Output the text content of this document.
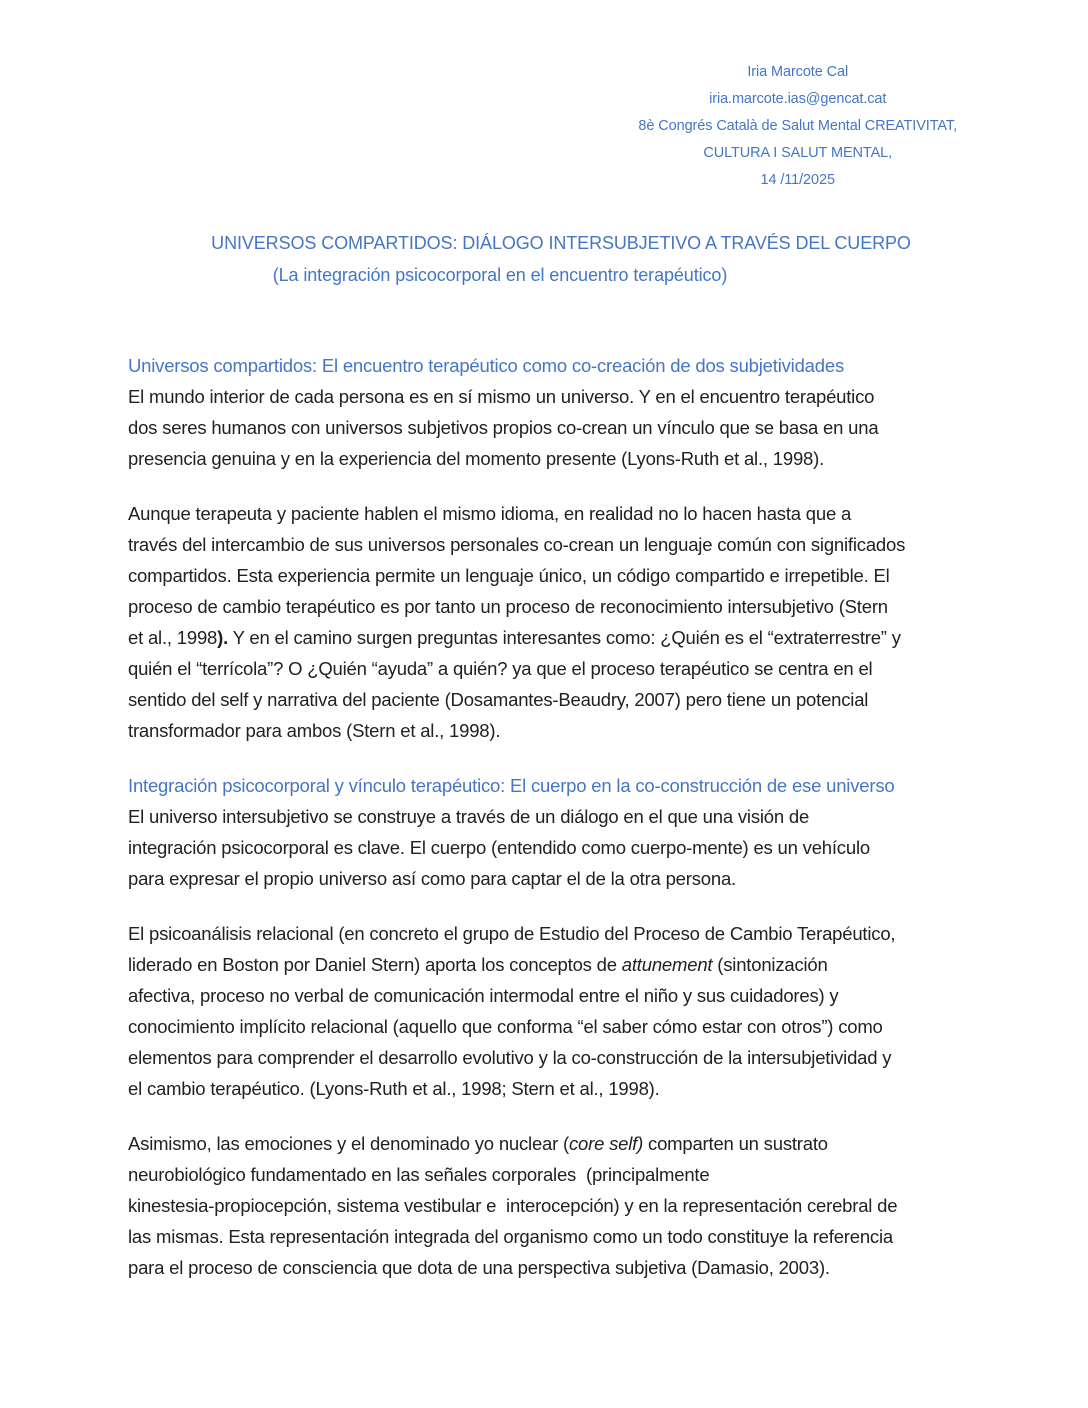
Iria Marcote Cal
iria.marcote.ias@gencat.cat
8è Congrés Català de Salut Mental CREATIVITAT,
CULTURA I SALUT MENTAL,
14 /11/2025
UNIVERSOS COMPARTIDOS: DIÁLOGO INTERSUBJETIVO A TRAVÉS DEL CUERPO
(La integración psicocorporal en el encuentro terapéutico)
Universos compartidos: El encuentro terapéutico como co-creación de dos subjetividades
El mundo interior de cada persona es en sí mismo un universo. Y en el encuentro terapéutico
dos seres humanos con universos subjetivos propios co-crean un vínculo que se basa en una
presencia genuina y en la experiencia del momento presente (Lyons-Ruth et al., 1998).
Aunque terapeuta y paciente hablen el mismo idioma, en realidad no lo hacen hasta que a
través del intercambio de sus universos personales co-crean un lenguaje común con significados
compartidos. Esta experiencia permite un lenguaje único, un código compartido e irrepetible. El
proceso de cambio terapéutico es por tanto un proceso de reconocimiento intersubjetivo (Stern
et al., 1998). Y en el camino surgen preguntas interesantes como: ¿Quién es el “extraterrestre” y
quién el “terrícola”? O ¿Quién “ayuda” a quién? ya que el proceso terapéutico se centra en el
sentido del self y narrativa del paciente (Dosamantes-Beaudry, 2007) pero tiene un potencial
transformador para ambos (Stern et al., 1998).
Integración psicocorporal y vínculo terapéutico: El cuerpo en la co-construcción de ese universo
El universo intersubjetivo se construye a través de un diálogo en el que una visión de
integración psicocorporal es clave. El cuerpo (entendido como cuerpo-mente) es un vehículo
para expresar el propio universo así como para captar el de la otra persona.
El psicoanálisis relacional (en concreto el grupo de Estudio del Proceso de Cambio Terapéutico,
liderado en Boston por Daniel Stern) aporta los conceptos de attunement (sintonización
afectiva, proceso no verbal de comunicación intermodal entre el niño y sus cuidadores) y
conocimiento implícito relacional (aquello que conforma “el saber cómo estar con otros”) como
elementos para comprender el desarrollo evolutivo y la co-construcción de la intersubjetividad y
el cambio terapéutico. (Lyons-Ruth et al., 1998; Stern et al., 1998).
Asimismo, las emociones y el denominado yo nuclear (core self) comparten un sustrato
neurobiológico fundamentado en las señales corporales  (principalmente
kinestesia-propiocepción, sistema vestibular e  interocepción) y en la representación cerebral de
las mismas. Esta representación integrada del organismo como un todo constituye la referencia
para el proceso de consciencia que dota de una perspectiva subjetiva (Damasio, 2003).
